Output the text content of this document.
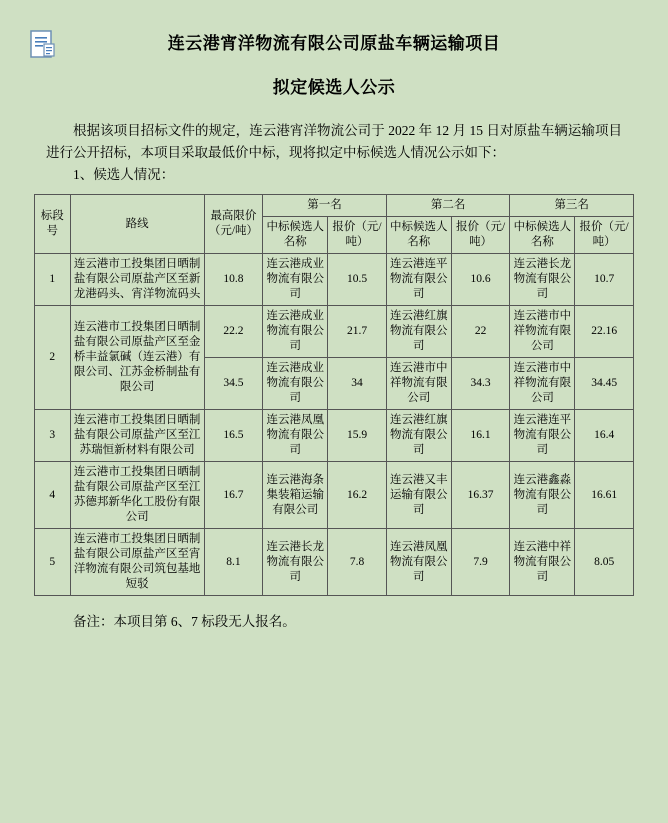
连云港宵洋物流有限公司原盐车辆运输项目
拟定候选人公示

根据该项目招标文件的规定，连云港宵洋物流公司于 2022 年 12 月 15 日对原盐车辆运输项目进行公开招标，本项目采取最低价中标，现将拟定中标候选人情况公示如下：

1、候选人情况：

标段号	路线	最高限价（元/吨）	第一名		第二名		第三名	
			中标候选人名称	报价（元/吨）	中标候选人名称	报价（元/吨）	中标候选人名称	报价（元/吨）
1	连云港市工投集团日晒制盐有限公司原盐产区至新龙港码头、宵洋物流码头	10.8	连云港成业物流有限公司	10.5	连云港连平物流有限公司	10.6	连云港长龙物流有限公司	10.7
2	连云港市工投集团日晒制盐有限公司原盐产区至金桥丰益氯碱（连云港）有限公司、江苏金桥制盐有限公司	22.2	连云港成业物流有限公司	21.7	连云港红旗物流有限公司	22	连云港市中祥物流有限公司	22.16
		34.5	连云港成业物流有限公司	34	连云港市中祥物流有限公司	34.3	连云港市中祥物流有限公司	34.45
3	连云港市工投集团日晒制盐有限公司原盐产区至江苏瑞恒新材料有限公司	16.5	连云港凤凰物流有限公司	15.9	连云港红旗物流有限公司	16.1	连云港连平物流有限公司	16.4
4	连云港市工投集团日晒制盐有限公司原盐产区至江苏德邦新华化工股份有限公司	16.7	连云港海条集装箱运输有限公司	16.2	连云港又丰运输有限公司	16.37	连云港鑫淼物流有限公司	16.61
5	连云港市工投集团日晒制盐有限公司原盐产区至宵洋物流有限公司筑包基地短驳	8.1	连云港长龙物流有限公司	7.8	连云港凤凰物流有限公司	7.9	连云港中祥物流有限公司	8.05
备注：本项目第 6、7 标段无人报名。
